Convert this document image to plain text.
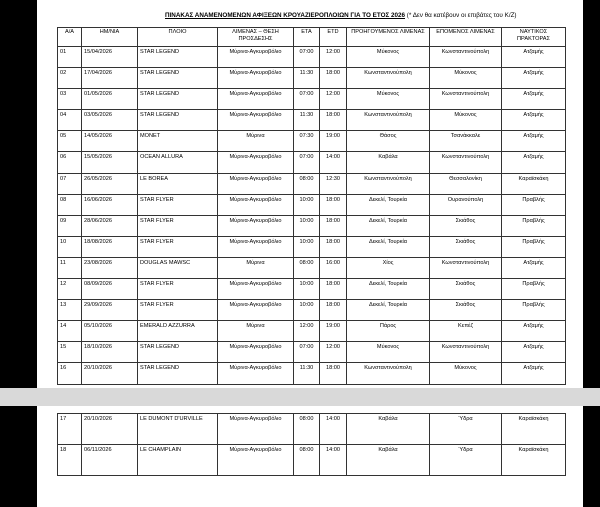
ΠΙΝΑΚΑΣ ΑΝΑΜΕΝΟΜΕΝΩΝ ΑΦΙΞΕΩΝ ΚΡΟΥΑΖΙΕΡΟΠΛΟΙΩΝ ΓΙΑ ΤΟ ΕΤΟΣ 2026 (* Δεν θα κατέβουν οι επιβάτες του Κ/Ζ)
Α/Α	ΗΜ/ΝΙΑ	ΠΛΟΙΟ	ΛΙΜΕΝΑΣ – ΘΕΣΗ ΠΡΟΣΔΕΣΗΣ	ΕΤΑ	ΕΤD	ΠΡΟΗΓΟΥΜΕΝΟΣ ΛΙΜΕΝΑΣ	ΕΠΟΜΕΝΟΣ ΛΙΜΕΝΑΣ	ΝΑΥΤΙΚΟΣ ΠΡΑΚΤΟΡΑΣ
01	15/04/2026	STAR LEGEND	Μύρινα-Αγκυροβόλιο	07:00	12:00	Μύκονος	Κωνσταντινούπολη	Ατζαμής
02	17/04/2026	STAR LEGEND	Μύρινα-Αγκυροβόλιο	11:30	18:00	Κωνσταντινούπολη	Μύκονος	Ατζαμής
03	01/05/2026	STAR LEGEND	Μύρινα-Αγκυροβόλιο	07:00	12:00	Μύκονος	Κωνσταντινούπολη	Ατζαμής
04	03/05/2026	STAR LEGEND	Μύρινα-Αγκυροβόλιο	11:30	18:00	Κωνσταντινούπολη	Μύκονος	Ατζαμής
05	14/05/2026	MONET	Μύρινα	07:30	19:00	Θάσος	Τσανάκκαλε	Ατζαμής
06	15/05/2026	OCEAN ALLURA	Μύρινα-Αγκυροβόλιο	07:00	14:00	Καβάλα	Κωνσταντινούπολη	Ατζαμής
07	26/05/2026	LE BOREA	Μύρινα-Αγκυροβόλιο	08:00	12:30	Κωνσταντινούπολη	Θεσσαλονίκη	Καραϊσκάκη
08	16/06/2026	STAR FLYER	Μύρινα-Αγκυροβόλιο	10:00	18:00	Δεκελί, Τουρκία	Ουρανούπολη	Πραβλής
09	28/06/2026	STAR FLYER	Μύρινα-Αγκυροβόλιο	10:00	18:00	Δεκελί, Τουρκία	Σκιάθος	Πραβλής
10	18/08/2026	STAR FLYER	Μύρινα-Αγκυροβόλιο	10:00	18:00	Δεκελί, Τουρκία	Σκιάθος	Πραβλής
11	23/08/2026	DOUGLAS MAWSC	Μύρινα	08:00	16:00	Χίος	Κωνσταντινούπολη	Ατζαμής
12	08/09/2026	STAR FLYER	Μύρινα-Αγκυροβόλιο	10:00	18:00	Δεκελί, Τουρκία	Σκιάθος	Πραβλής
13	29/09/2026	STAR FLYER	Μύρινα-Αγκυροβόλιο	10:00	18:00	Δεκελί, Τουρκία	Σκιάθος	Πραβλής
14	05/10/2026	EMERALD AZZURRA	Μύρινα	12:00	19:00	Πάρος	Κεπέζ	Ατζαμής
15	18/10/2026	STAR LEGEND	Μύρινα-Αγκυροβόλιο	07:00	12:00	Μύκονος	Κωνσταντινούπολη	Ατζαμής
16	20/10/2026	STAR LEGEND	Μύρινα-Αγκυροβόλιο	11:30	18:00	Κωνσταντινούπολη	Μύκονος	Ατζαμής
17	20/10/2026	LE DUMONT D'URVILLE	Μύρινα-Αγκυροβόλιο	08:00	14:00	Καβάλα	Ύδρα	Καραϊσκάκη
18	06/11/2026	LE CHAMPLAIN	Μύρινα-Αγκυροβόλιο	08:00	14:00	Καβάλα	Ύδρα	Καραϊσκάκη
